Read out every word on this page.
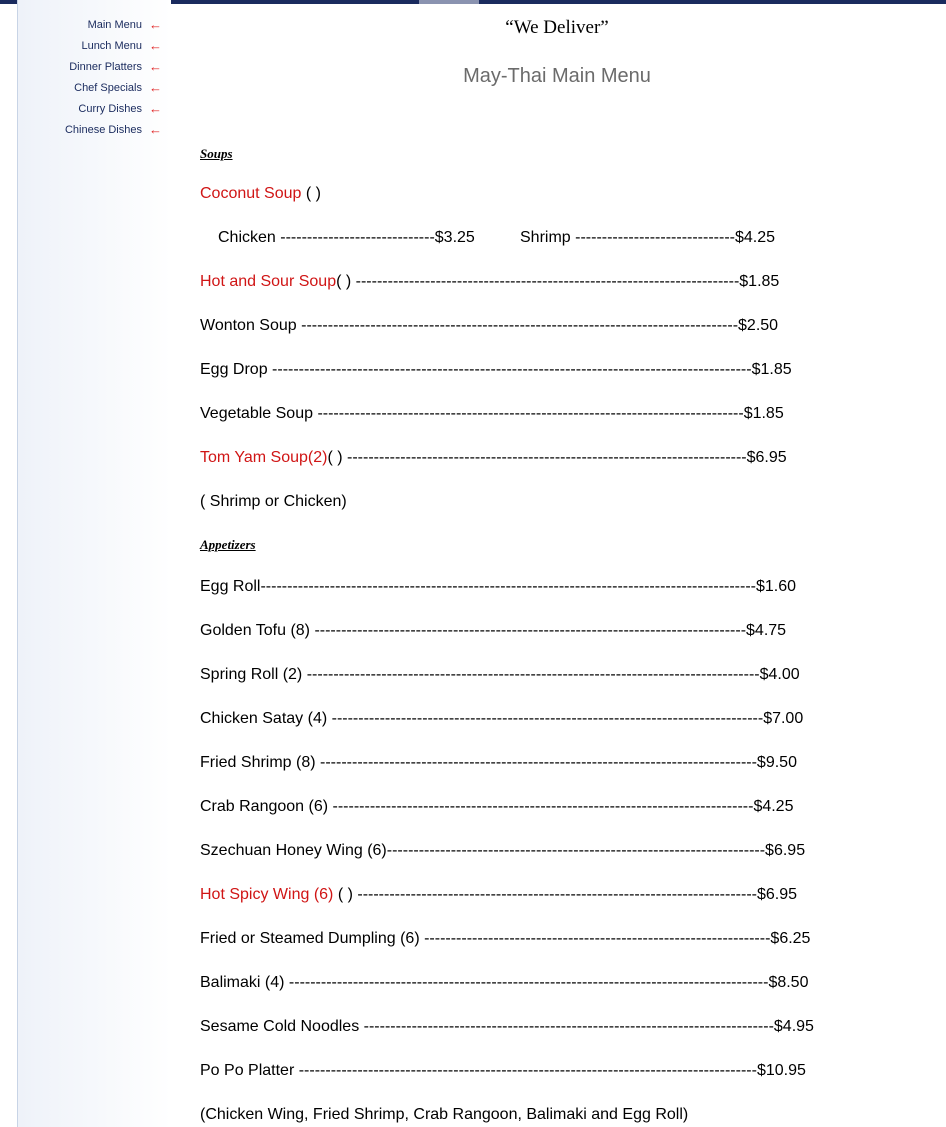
Main Menu ←
Lunch Menu ←
Dinner Platters ←
Chef Specials ←
Curry Dishes ←
Chinese Dishes ←
“We Deliver”
May-Thai Main Menu
Soups
Coconut Soup ( )
Chicken -----------------------------$3.25	Shrimp ------------------------------$4.25
Hot and Sour Soup( ) ------------------------------------------------------------------------$1.85
Wonton Soup ----------------------------------------------------------------------------------$2.50
Egg Drop ------------------------------------------------------------------------------------------$1.85
Vegetable Soup --------------------------------------------------------------------------------$1.85
Tom Yam Soup(2)( ) ---------------------------------------------------------------------------$6.95
( Shrimp or Chicken)
Appetizers
Egg Roll---------------------------------------------------------------------------------------------$1.60
Golden Tofu (8) ---------------------------------------------------------------------------------$4.75
Spring Roll (2) -------------------------------------------------------------------------------------$4.00
Chicken Satay (4) ---------------------------------------------------------------------------------$7.00
Fried Shrimp (8) ----------------------------------------------------------------------------------$9.50
Crab Rangoon (6) -------------------------------------------------------------------------------$4.25
Szechuan Honey Wing (6)-----------------------------------------------------------------------$6.95
Hot Spicy Wing (6) ( ) ---------------------------------------------------------------------------$6.95
Fried or Steamed Dumpling (6) -----------------------------------------------------------------$6.25
Balimaki (4) ------------------------------------------------------------------------------------------$8.50
Sesame Cold Noodles -----------------------------------------------------------------------------$4.95
Po Po Platter --------------------------------------------------------------------------------------$10.95
(Chicken Wing, Fried Shrimp, Crab Rangoon, Balimaki and Egg Roll)
